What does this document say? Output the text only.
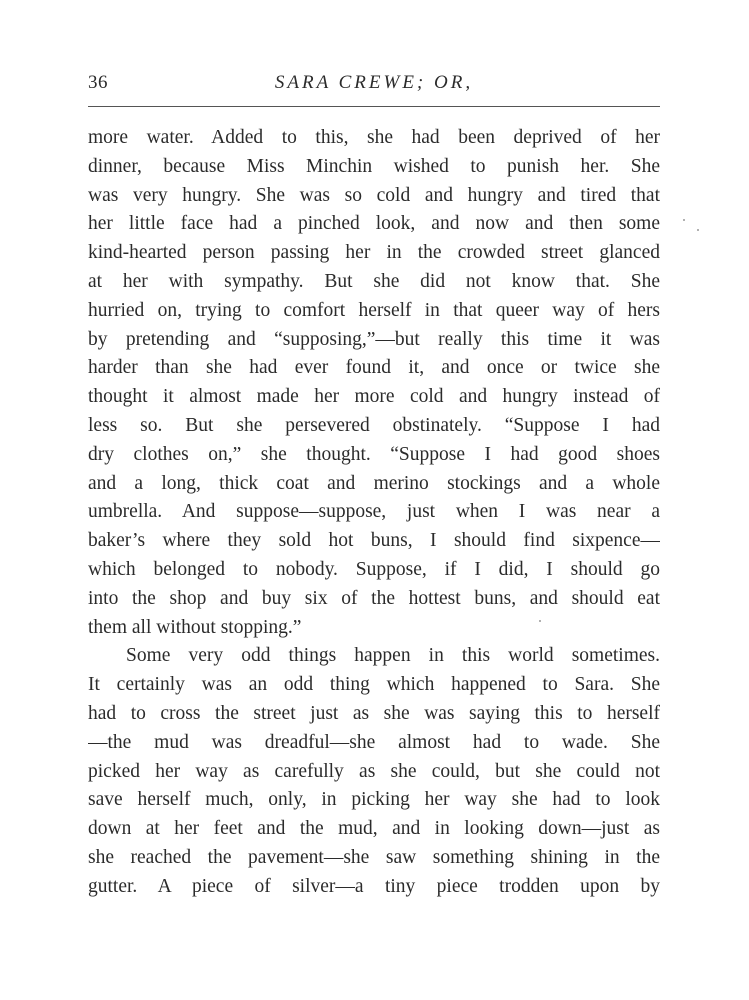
36	SARA CREWE; OR,
more water. Added to this, she had been deprived of her
dinner, because Miss Minchin wished to punish her. She
was very hungry. She was so cold and hungry and tired that
her little face had a pinched look, and now and then some
kind-hearted person passing her in the crowded street glanced
at her with sympathy. But she did not know that. She
hurried on, trying to comfort herself in that queer way of hers
by pretending and “supposing,”—but really this time it was
harder than she had ever found it, and once or twice she
thought it almost made her more cold and hungry instead of
less so. But she persevered obstinately. “Suppose I had
dry clothes on,” she thought. “Suppose I had good shoes
and a long, thick coat and merino stockings and a whole
umbrella. And suppose—suppose, just when I was near a
baker’s where they sold hot buns, I should find sixpence—
which belonged to nobody. Suppose, if I did, I should go
into the shop and buy six of the hottest buns, and should eat
them all without stopping.”
Some very odd things happen in this world sometimes.
It certainly was an odd thing which happened to Sara. She
had to cross the street just as she was saying this to herself
—the mud was dreadful—she almost had to wade. She
picked her way as carefully as she could, but she could not
save herself much, only, in picking her way she had to look
down at her feet and the mud, and in looking down—just as
she reached the pavement—she saw something shining in the
gutter. A piece of silver—a tiny piece trodden upon by
